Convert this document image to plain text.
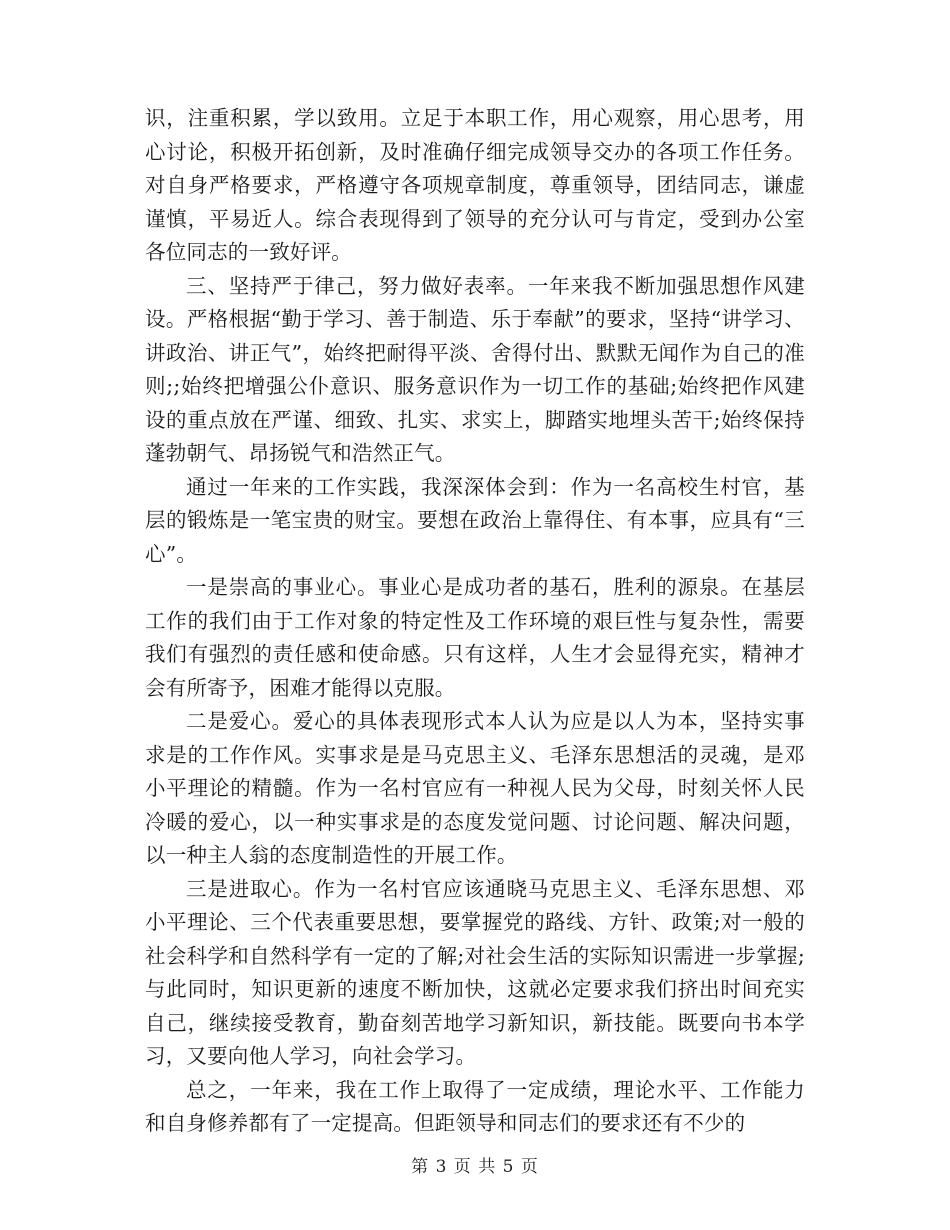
识，注重积累，学以致用。立足于本职工作，用心观察，用心思考，用心讨论，积极开拓创新，及时准确仔细完成领导交办的各项工作任务。对自身严格要求，严格遵守各项规章制度，尊重领导，团结同志，谦虚谨慎，平易近人。综合表现得到了领导的充分认可与肯定，受到办公室各位同志的一致好评。

三、坚持严于律己，努力做好表率。一年来我不断加强思想作风建设。严格根据“勤于学习、善于制造、乐于奉献”的要求，坚持“讲学习、讲政治、讲正气”，始终把耐得平淡、舍得付出、默默无闻作为自己的准则;;始终把增强公仆意识、服务意识作为一切工作的基础;始终把作风建设的重点放在严谨、细致、扎实、求实上，脚踏实地埋头苦干;始终保持蓬勃朝气、昂扬锐气和浩然正气。

通过一年来的工作实践，我深深体会到：作为一名高校生村官，基层的锻炼是一笔宝贵的财宝。要想在政治上靠得住、有本事，应具有“三心”。

一是崇高的事业心。事业心是成功者的基石，胜利的源泉。在基层工作的我们由于工作对象的特定性及工作环境的艰巨性与复杂性，需要我们有强烈的责任感和使命感。只有这样，人生才会显得充实，精神才会有所寄予，困难才能得以克服。

二是爱心。爱心的具体表现形式本人认为应是以人为本，坚持实事求是的工作作风。实事求是是马克思主义、毛泽东思想活的灵魂，是邓小平理论的精髓。作为一名村官应有一种视人民为父母，时刻关怀人民冷暖的爱心，以一种实事求是的态度发觉问题、讨论问题、解决问题，以一种主人翁的态度制造性的开展工作。

三是进取心。作为一名村官应该通晓马克思主义、毛泽东思想、邓小平理论、三个代表重要思想，要掌握党的路线、方针、政策;对一般的社会科学和自然科学有一定的了解;对社会生活的实际知识需进一步掌握;与此同时，知识更新的速度不断加快，这就必定要求我们挤出时间充实自己，继续接受教育，勤奋刻苦地学习新知识，新技能。既要向书本学习，又要向他人学习，向社会学习。

总之，一年来，我在工作上取得了一定成绩，理论水平、工作能力和自身修养都有了一定提高。但距领导和同志们的要求还有不少的

第 3 页 共 5 页
